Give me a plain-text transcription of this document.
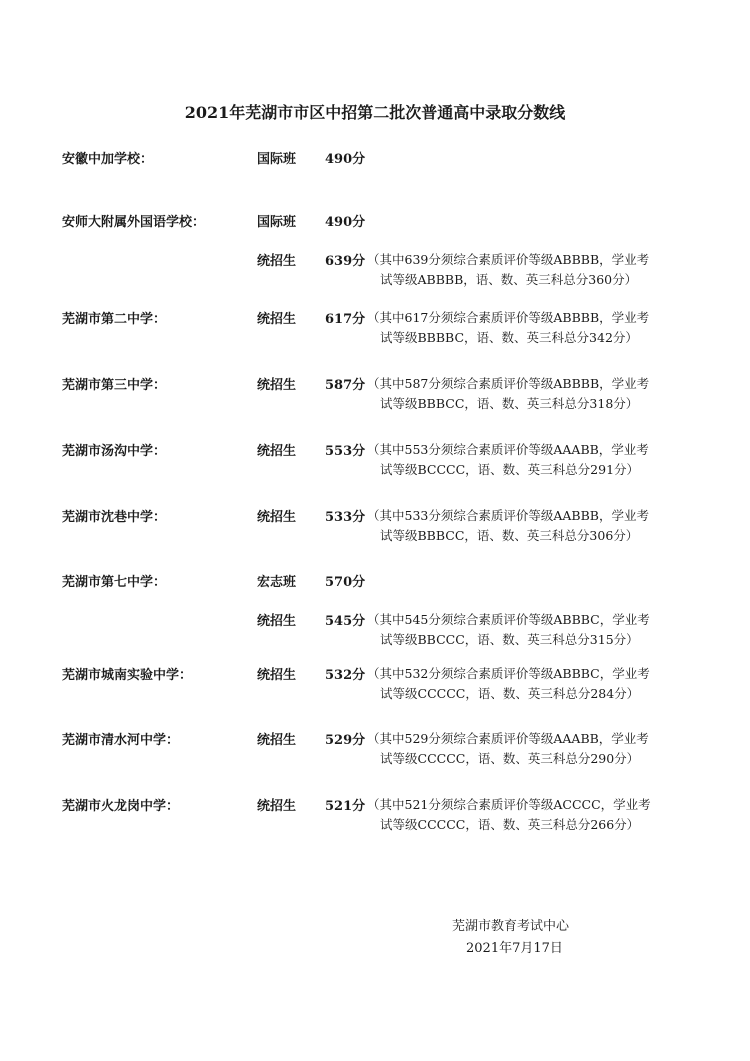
2021年芜湖市市区中招第二批次普通高中录取分数线
安徽中加学校：	国际班 490分
安师大附属外国语学校：	国际班 490分
统招生 639分 （其中639分须综合素质评价等级ABBBB，学业考
试等级ABBBB，语、数、英三科总分360分）
芜湖市第二中学：	统招生 617分 （其中617分须综合素质评价等级ABBBB，学业考
试等级BBBBC，语、数、英三科总分342分）
芜湖市第三中学：	统招生 587分 （其中587分须综合素质评价等级ABBBB，学业考
试等级BBBCC，语、数、英三科总分318分）
芜湖市汤沟中学：	统招生 553分 （其中553分须综合素质评价等级AAABB，学业考
试等级BCCCC，语、数、英三科总分291分）
芜湖市沈巷中学：	统招生 533分 （其中533分须综合素质评价等级AABBB，学业考
试等级BBBCC，语、数、英三科总分306分）
芜湖市第七中学：	宏志班 570分
统招生 545分 （其中545分须综合素质评价等级ABBBC，学业考
试等级BBCCC，语、数、英三科总分315分）
芜湖市城南实验中学：	统招生 532分 （其中532分须综合素质评价等级ABBBC，学业考
试等级CCCCC，语、数、英三科总分284分）
芜湖市清水河中学：	统招生 529分 （其中529分须综合素质评价等级AAABB，学业考
试等级CCCCC，语、数、英三科总分290分）
芜湖市火龙岗中学：	统招生 521分 （其中521分须综合素质评价等级ACCCC，学业考
试等级CCCCC，语、数、英三科总分266分）
芜湖市教育考试中心
2021年7月17日
